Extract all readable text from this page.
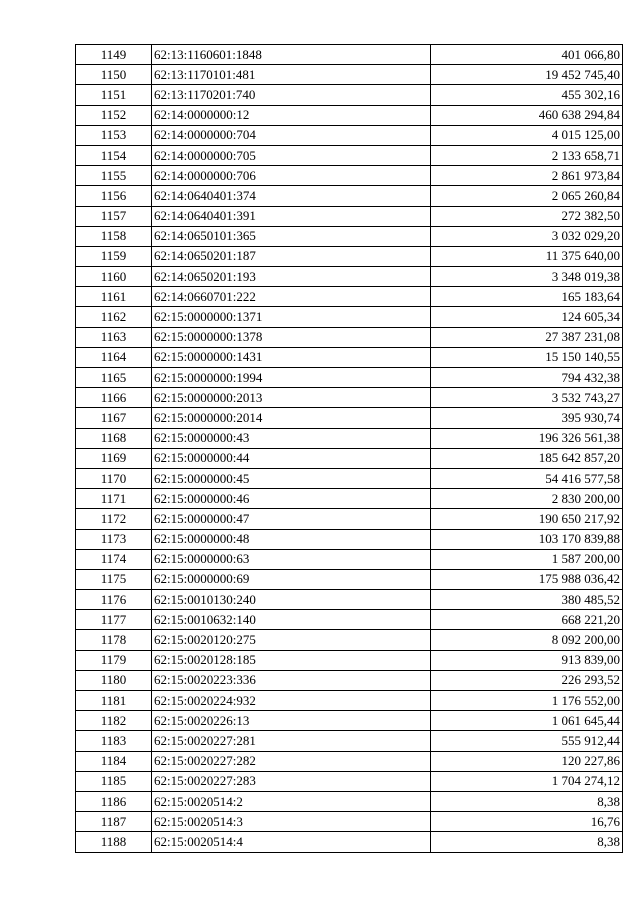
1149	62:13:1160601:1848	401 066,80
1150	62:13:1170101:481	19 452 745,40
1151	62:13:1170201:740	455 302,16
1152	62:14:0000000:12	460 638 294,84
1153	62:14:0000000:704	4 015 125,00
1154	62:14:0000000:705	2 133 658,71
1155	62:14:0000000:706	2 861 973,84
1156	62:14:0640401:374	2 065 260,84
1157	62:14:0640401:391	272 382,50
1158	62:14:0650101:365	3 032 029,20
1159	62:14:0650201:187	11 375 640,00
1160	62:14:0650201:193	3 348 019,38
1161	62:14:0660701:222	165 183,64
1162	62:15:0000000:1371	124 605,34
1163	62:15:0000000:1378	27 387 231,08
1164	62:15:0000000:1431	15 150 140,55
1165	62:15:0000000:1994	794 432,38
1166	62:15:0000000:2013	3 532 743,27
1167	62:15:0000000:2014	395 930,74
1168	62:15:0000000:43	196 326 561,38
1169	62:15:0000000:44	185 642 857,20
1170	62:15:0000000:45	54 416 577,58
1171	62:15:0000000:46	2 830 200,00
1172	62:15:0000000:47	190 650 217,92
1173	62:15:0000000:48	103 170 839,88
1174	62:15:0000000:63	1 587 200,00
1175	62:15:0000000:69	175 988 036,42
1176	62:15:0010130:240	380 485,52
1177	62:15:0010632:140	668 221,20
1178	62:15:0020120:275	8 092 200,00
1179	62:15:0020128:185	913 839,00
1180	62:15:0020223:336	226 293,52
1181	62:15:0020224:932	1 176 552,00
1182	62:15:0020226:13	1 061 645,44
1183	62:15:0020227:281	555 912,44
1184	62:15:0020227:282	120 227,86
1185	62:15:0020227:283	1 704 274,12
1186	62:15:0020514:2	8,38
1187	62:15:0020514:3	16,76
1188	62:15:0020514:4	8,38
